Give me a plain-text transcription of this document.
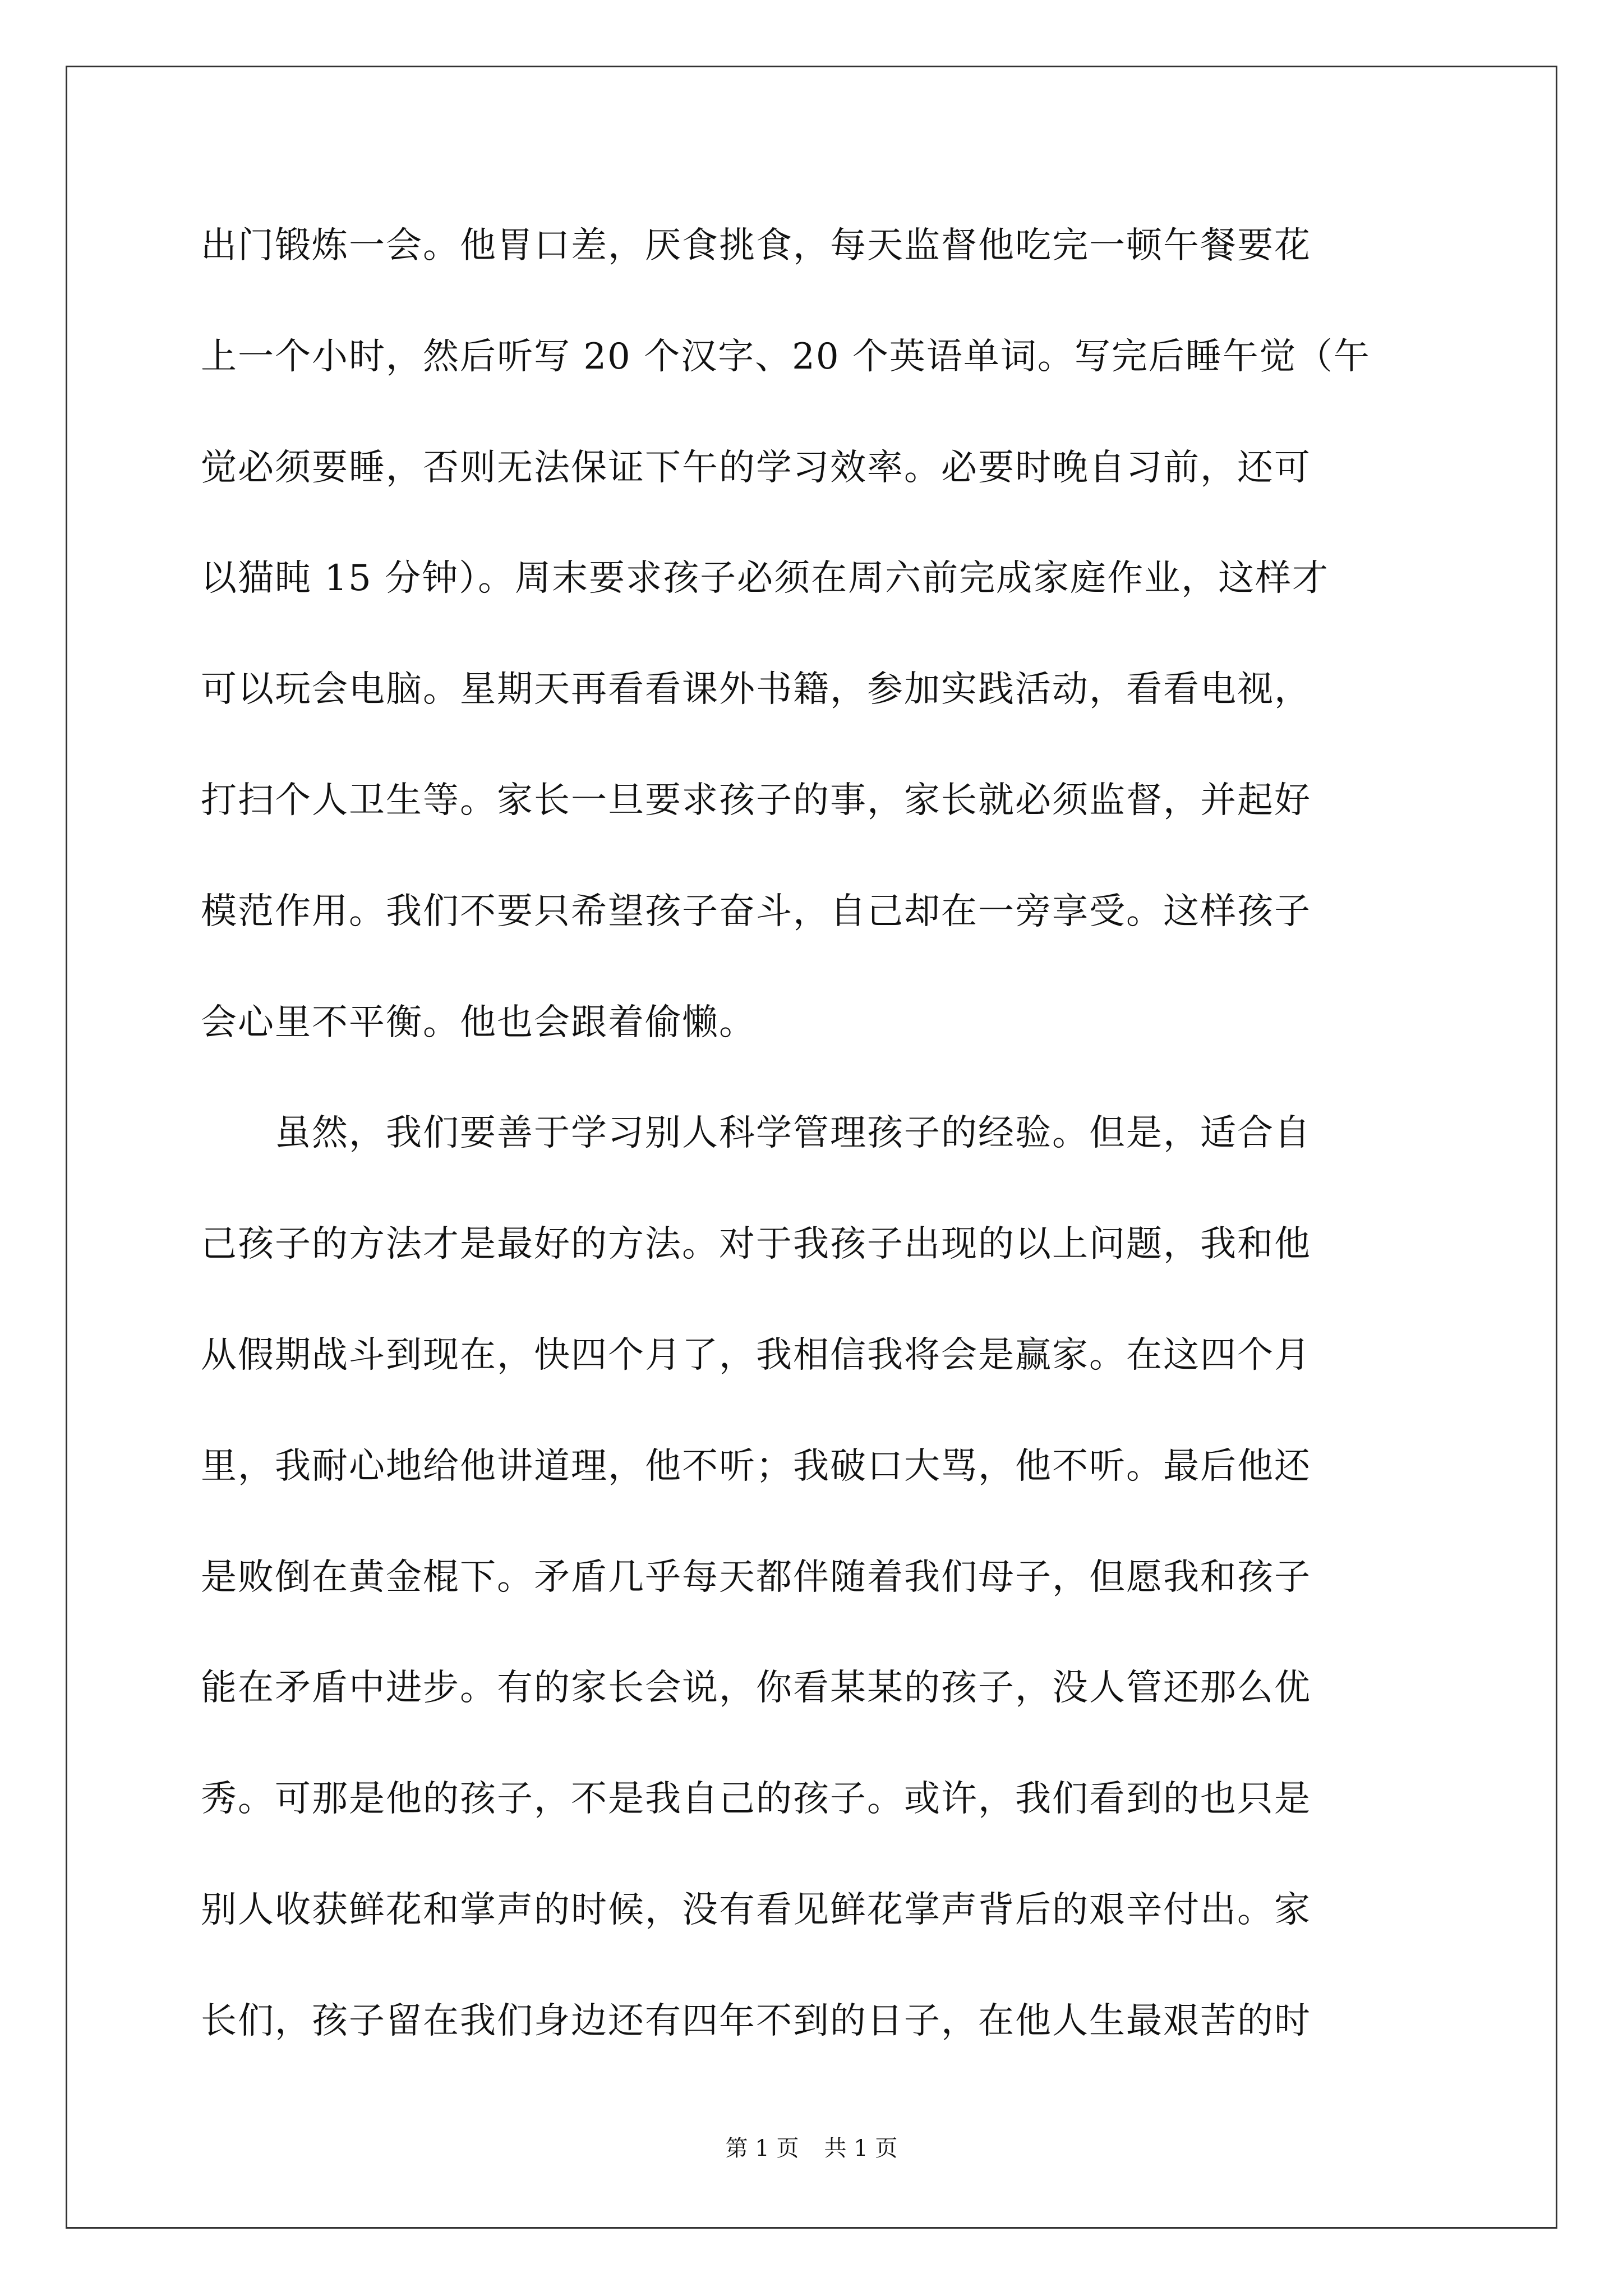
出门锻炼一会。他胃口差，厌食挑食，每天监督他吃完一顿午餐要花
上一个小时，然后听写 20 个汉字、20 个英语单词。写完后睡午觉（午
觉必须要睡，否则无法保证下午的学习效率。必要时晚自习前，还可
以猫盹 15 分钟）。周末要求孩子必须在周六前完成家庭作业，这样才
可以玩会电脑。星期天再看看课外书籍，参加实践活动，看看电视，
打扫个人卫生等。家长一旦要求孩子的事，家长就必须监督，并起好
模范作用。我们不要只希望孩子奋斗，自己却在一旁享受。这样孩子
会心里不平衡。他也会跟着偷懒。
　　虽然，我们要善于学习别人科学管理孩子的经验。但是，适合自
己孩子的方法才是最好的方法。对于我孩子出现的以上问题，我和他
从假期战斗到现在，快四个月了，我相信我将会是赢家。在这四个月
里，我耐心地给他讲道理，他不听；我破口大骂，他不听。最后他还
是败倒在黄金棍下。矛盾几乎每天都伴随着我们母子，但愿我和孩子
能在矛盾中进步。有的家长会说，你看某某的孩子，没人管还那么优
秀。可那是他的孩子，不是我自己的孩子。或许，我们看到的也只是
别人收获鲜花和掌声的时候，没有看见鲜花掌声背后的艰辛付出。家
长们，孩子留在我们身边还有四年不到的日子，在他人生最艰苦的时
第 1 页 共 1 页
